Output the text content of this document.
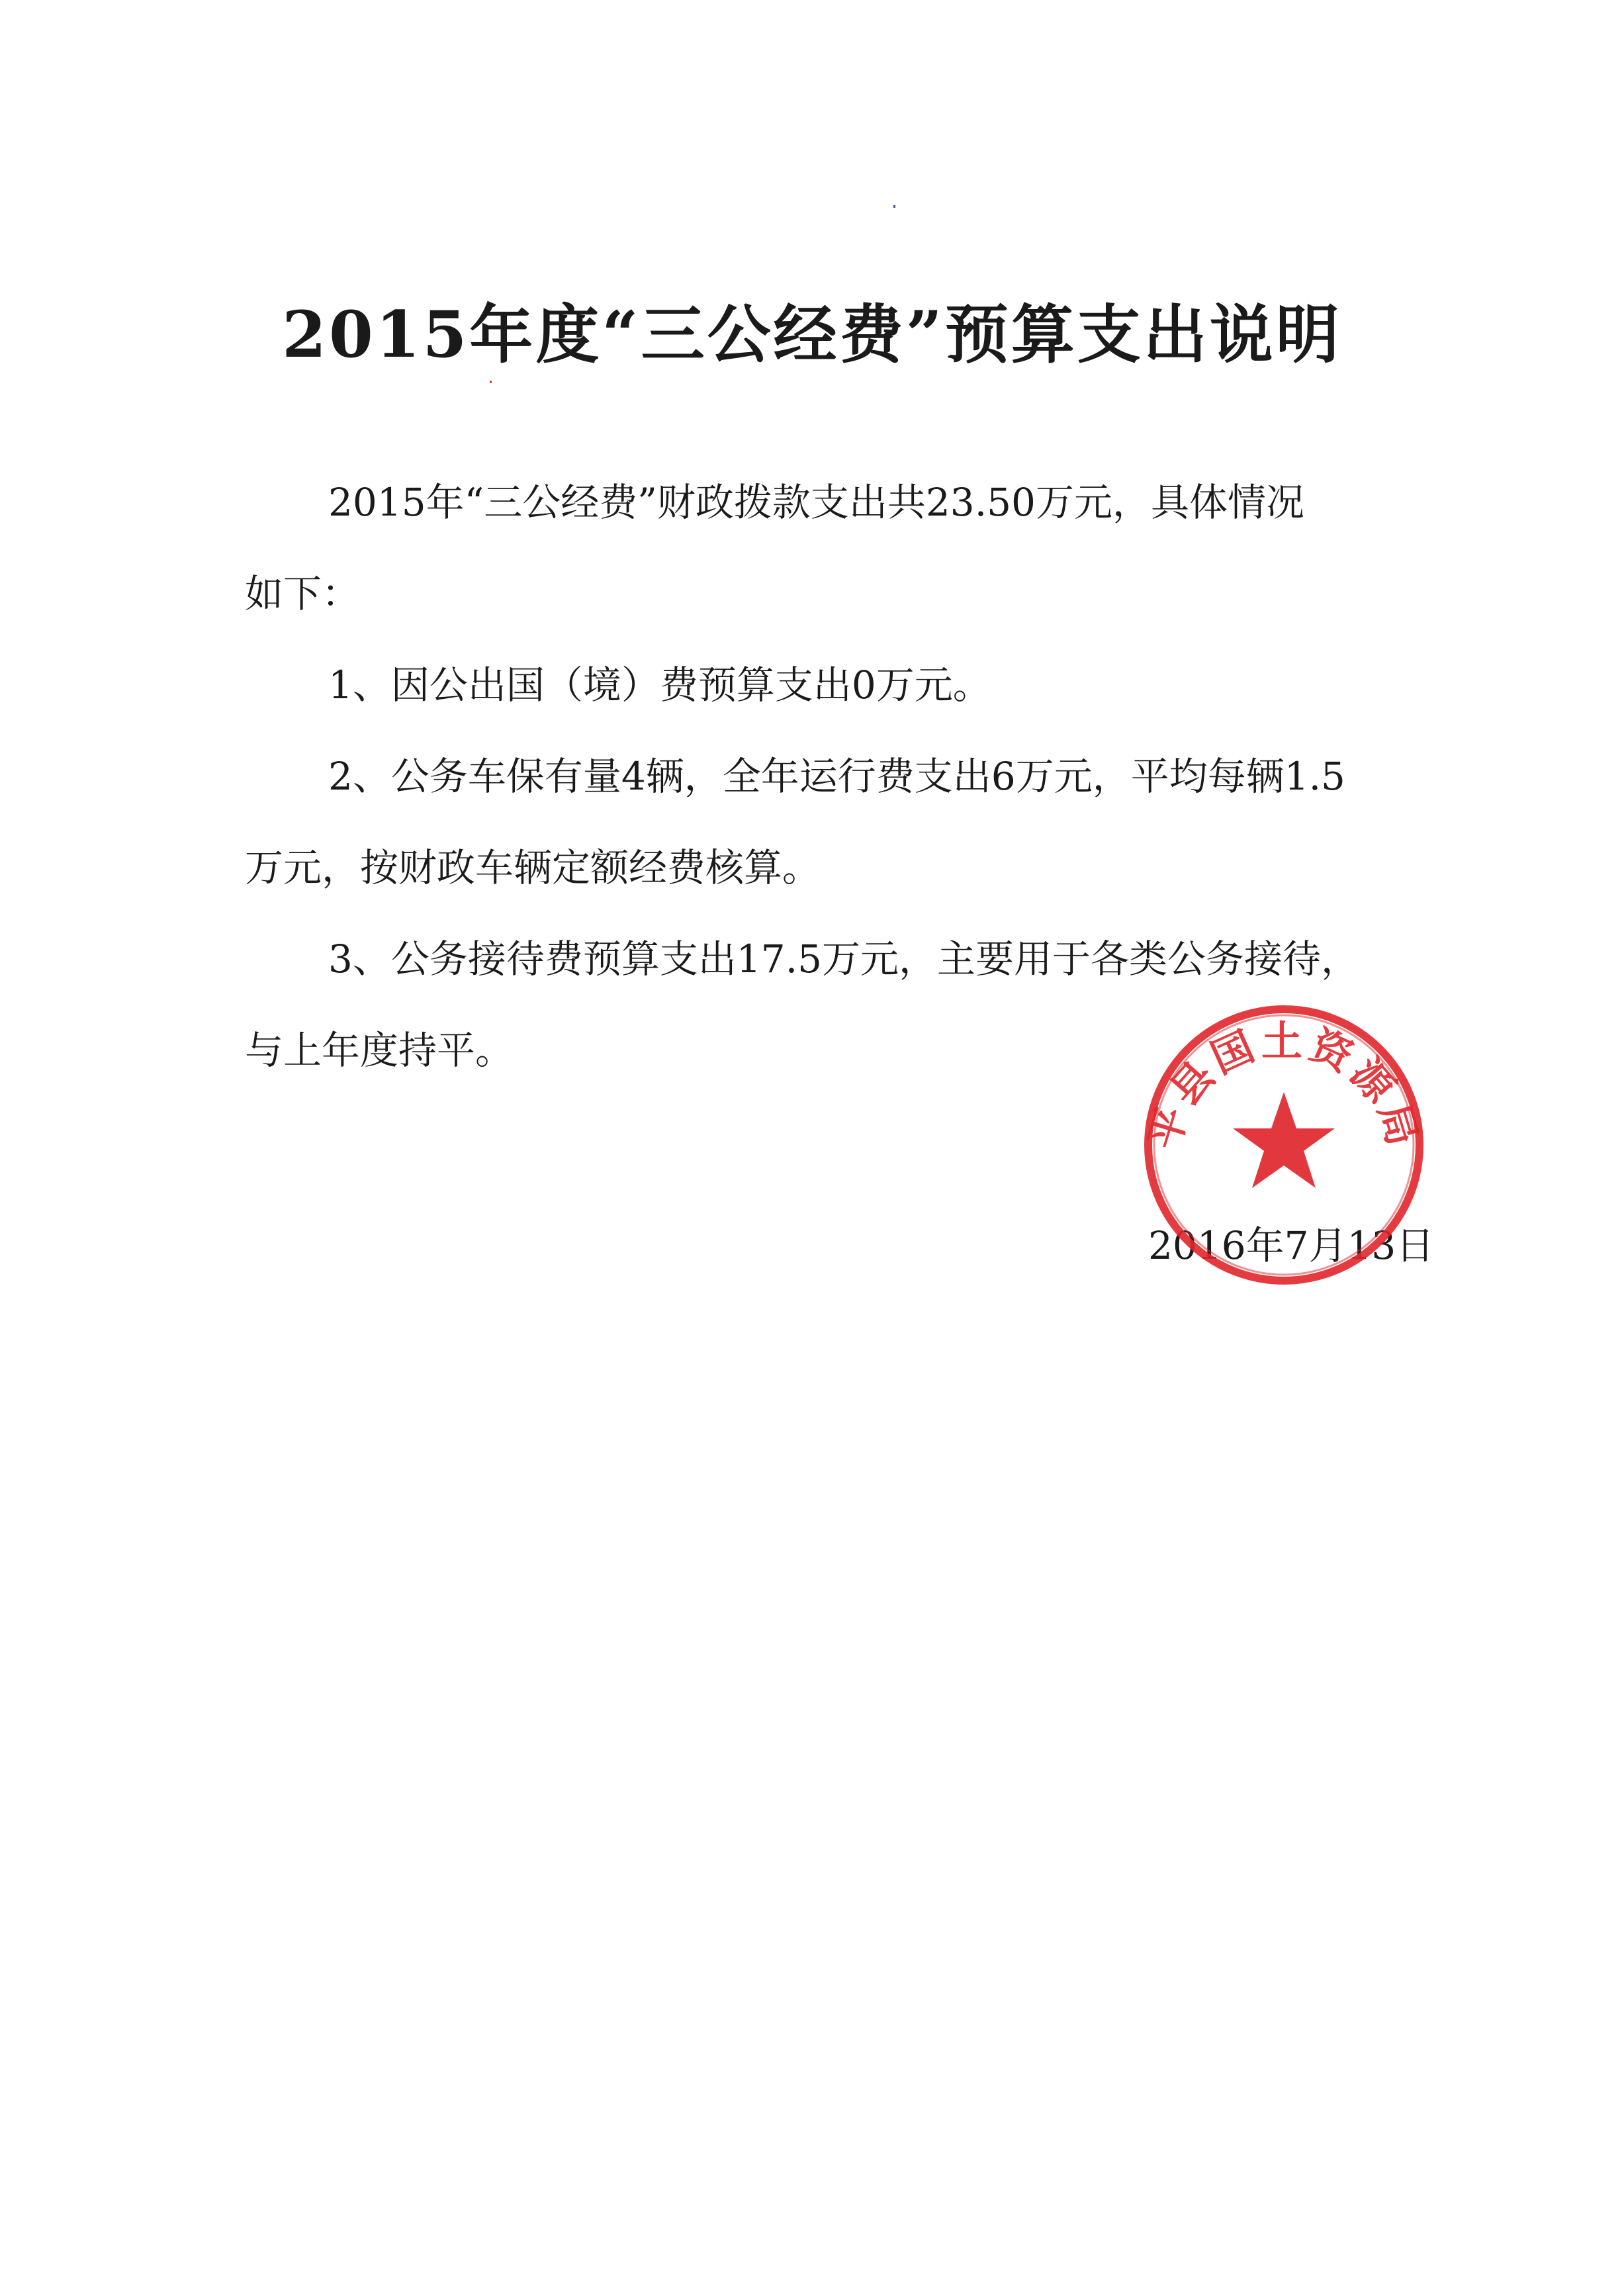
2015年度“三公经费”预算支出说明

2015年“三公经费”财政拨款支出共23.50万元，具体情况
如下：

1、因公出国（境）费预算支出0万元。

2、公务车保有量4辆，全年运行费支出6万元，平均每辆1.5
万元，按财政车辆定额经费核算。

3、公务接待费预算支出17.5万元，主要用于各类公务接待，
与上年度持平。

2016年7月13日
平县国土资源局
